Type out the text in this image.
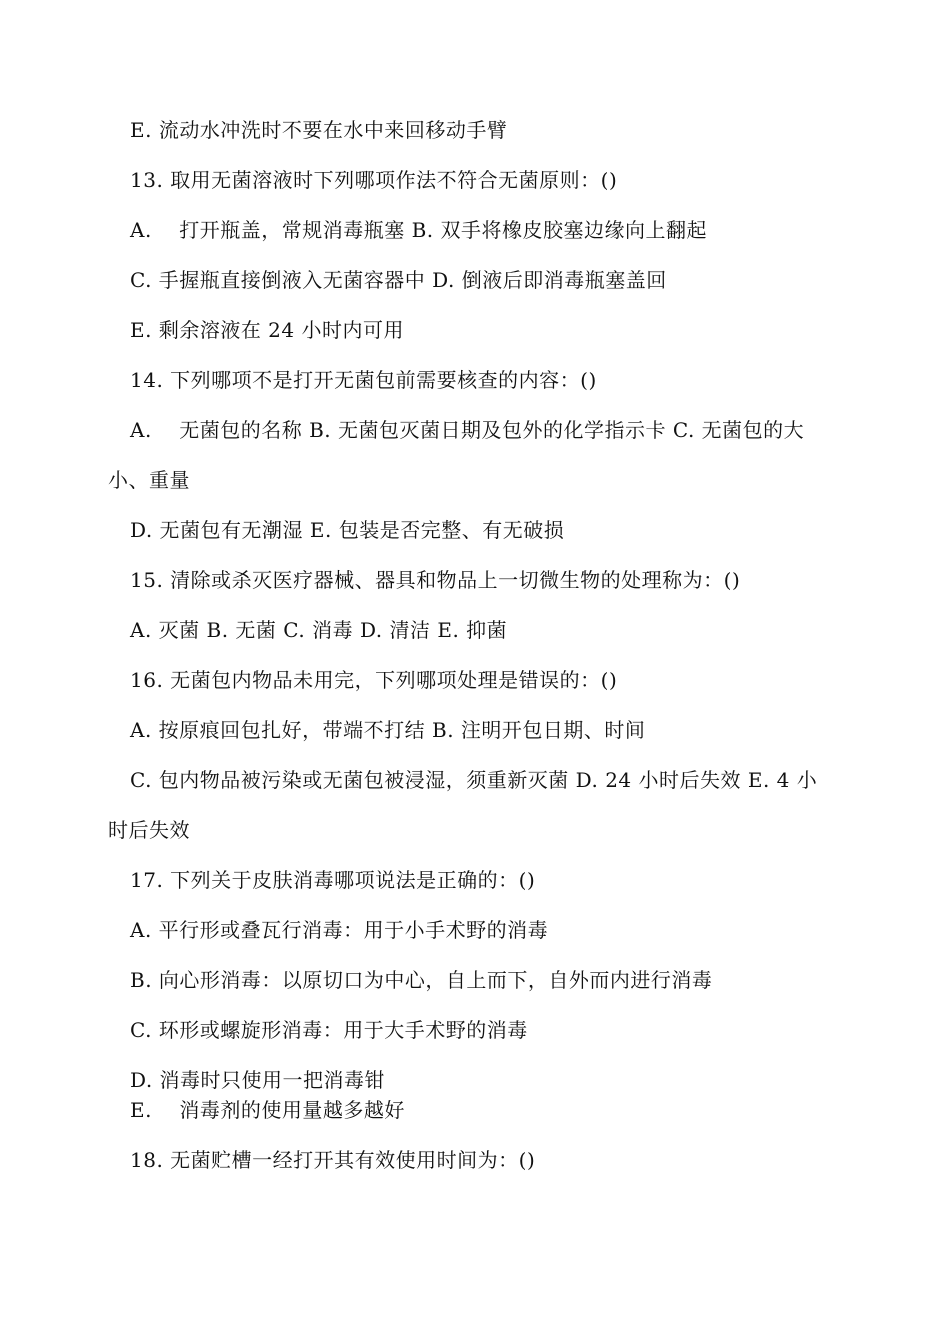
E. 流动水冲洗时不要在水中来回移动手臂
13. 取用无菌溶液时下列哪项作法不符合无菌原则：()
A.    打开瓶盖，常规消毒瓶塞 B. 双手将橡皮胶塞边缘向上翻起
C. 手握瓶直接倒液入无菌容器中 D. 倒液后即消毒瓶塞盖回
E. 剩余溶液在 24 小时内可用
14. 下列哪项不是打开无菌包前需要核查的内容：()
A.    无菌包的名称 B. 无菌包灭菌日期及包外的化学指示卡 C. 无菌包的大
小、重量
D. 无菌包有无潮湿 E. 包装是否完整、有无破损
15. 清除或杀灭医疗器械、器具和物品上一切微生物的处理称为：()
A. 灭菌 B. 无菌 C. 消毒 D. 清洁 E. 抑菌
16. 无菌包内物品未用完，下列哪项处理是错误的：()
A. 按原痕回包扎好，带端不打结 B. 注明开包日期、时间
C. 包内物品被污染或无菌包被浸湿，须重新灭菌 D. 24 小时后失效 E. 4 小
时后失效
17. 下列关于皮肤消毒哪项说法是正确的：()
A. 平行形或叠瓦行消毒：用于小手术野的消毒
B. 向心形消毒：以原切口为中心，自上而下，自外而内进行消毒
C. 环形或螺旋形消毒：用于大手术野的消毒
D. 消毒时只使用一把消毒钳
E.    消毒剂的使用量越多越好
18. 无菌贮槽一经打开其有效使用时间为：()
